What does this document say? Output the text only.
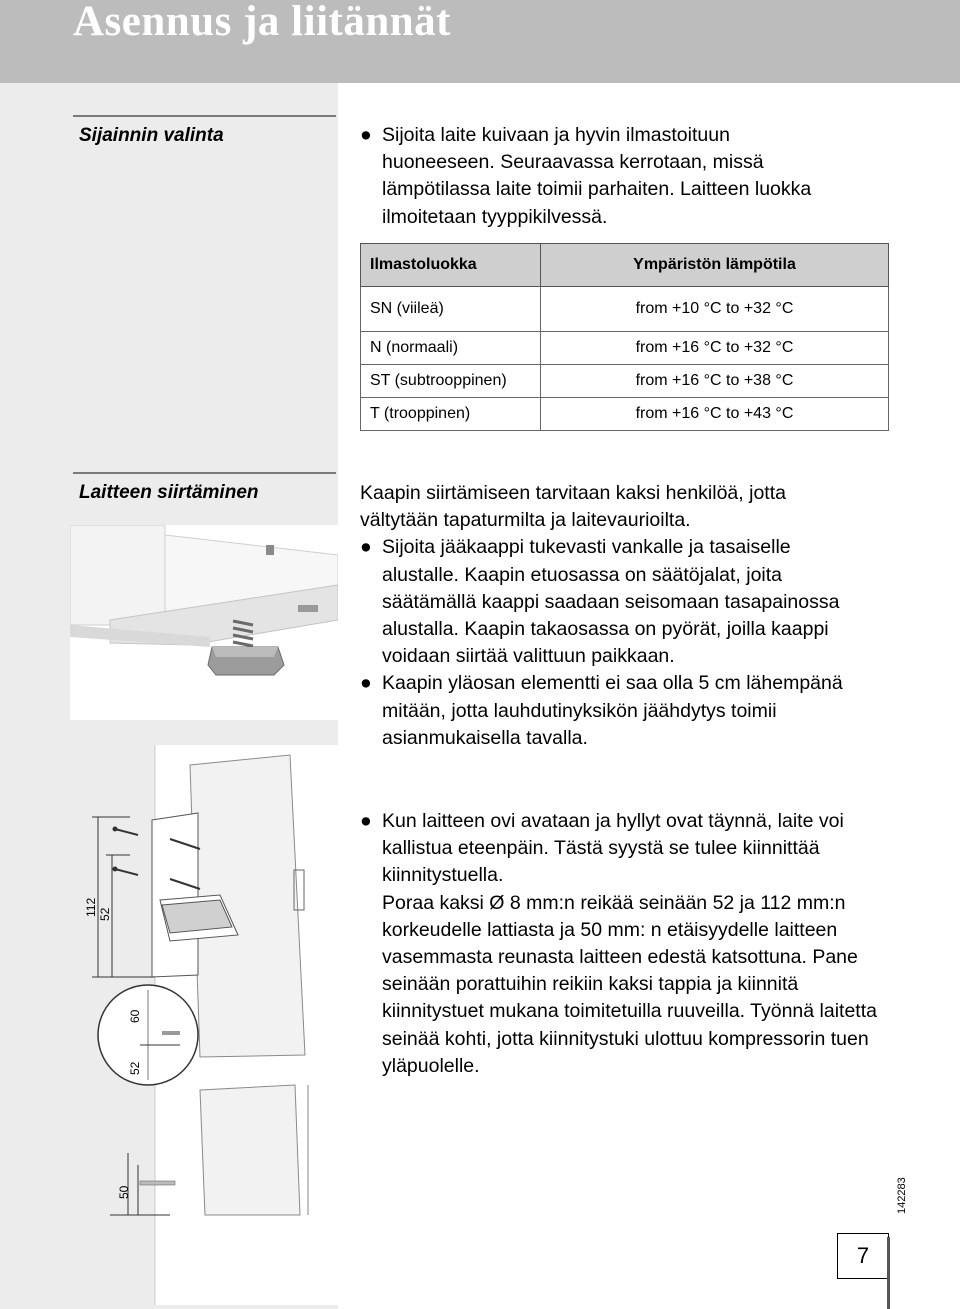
Asennus ja liitännät
Sijainnin valinta
Laitteen siirtäminen
● Sijoita laite kuivaan ja hyvin ilmastoituun huoneeseen. Seuraavassa kerrotaan, missä lämpötilassa laite toimii parhaiten. Laitteen luokka ilmoitetaan tyyppikilvessä.
Ilmastoluokka	Ympäristön lämpötila
SN (viileä)	from +10 °C to +32 °C
N (normaali)	from +16 °C to +32 °C
ST (subtrooppinen)	from +16 °C to +38 °C
T (trooppinen)	from +16 °C to +43 °C

Kaapin siirtämiseen tarvitaan kaksi henkilöä, jotta vältytään tapaturmilta ja laitevaurioilta.

● Sijoita jääkaappi tukevasti vankalle ja tasaiselle alustalle. Kaapin etuosassa on säätöjalat, joita säätämällä kaappi saadaan seisomaan tasapainossa alustalla. Kaapin takaosassa on pyörät, joilla kaappi voidaan siirtää valittuun paikkaan.
● Kaapin yläosan elementti ei saa olla 5 cm lähempänä mitään, jotta lauhdutinyksikön jäähdytys toimii asianmukaisella tavalla.
● Kun laitteen ovi avataan ja hyllyt ovat täynnä, laite voi kallistua eteenpäin. Tästä syystä se tulee kiinnittää kiinnitystuella.

Poraa kaksi Ø 8 mm:n reikää seinään 52 ja 112 mm:n korkeudelle lattiasta ja 50 mm: n etäisyydelle laitteen vasemmasta reunasta laitteen edestä katsottuna. Pane seinään porattuihin reikiin kaksi tappia ja kiinnitä kiinnitystuet mukana toimitetuilla ruuveilla. Työnnä laitetta seinää kohti, jotta kiinnitystuki ulottuu kompressorin tuen yläpuolelle.

112 52
60
52
50	142283
7
